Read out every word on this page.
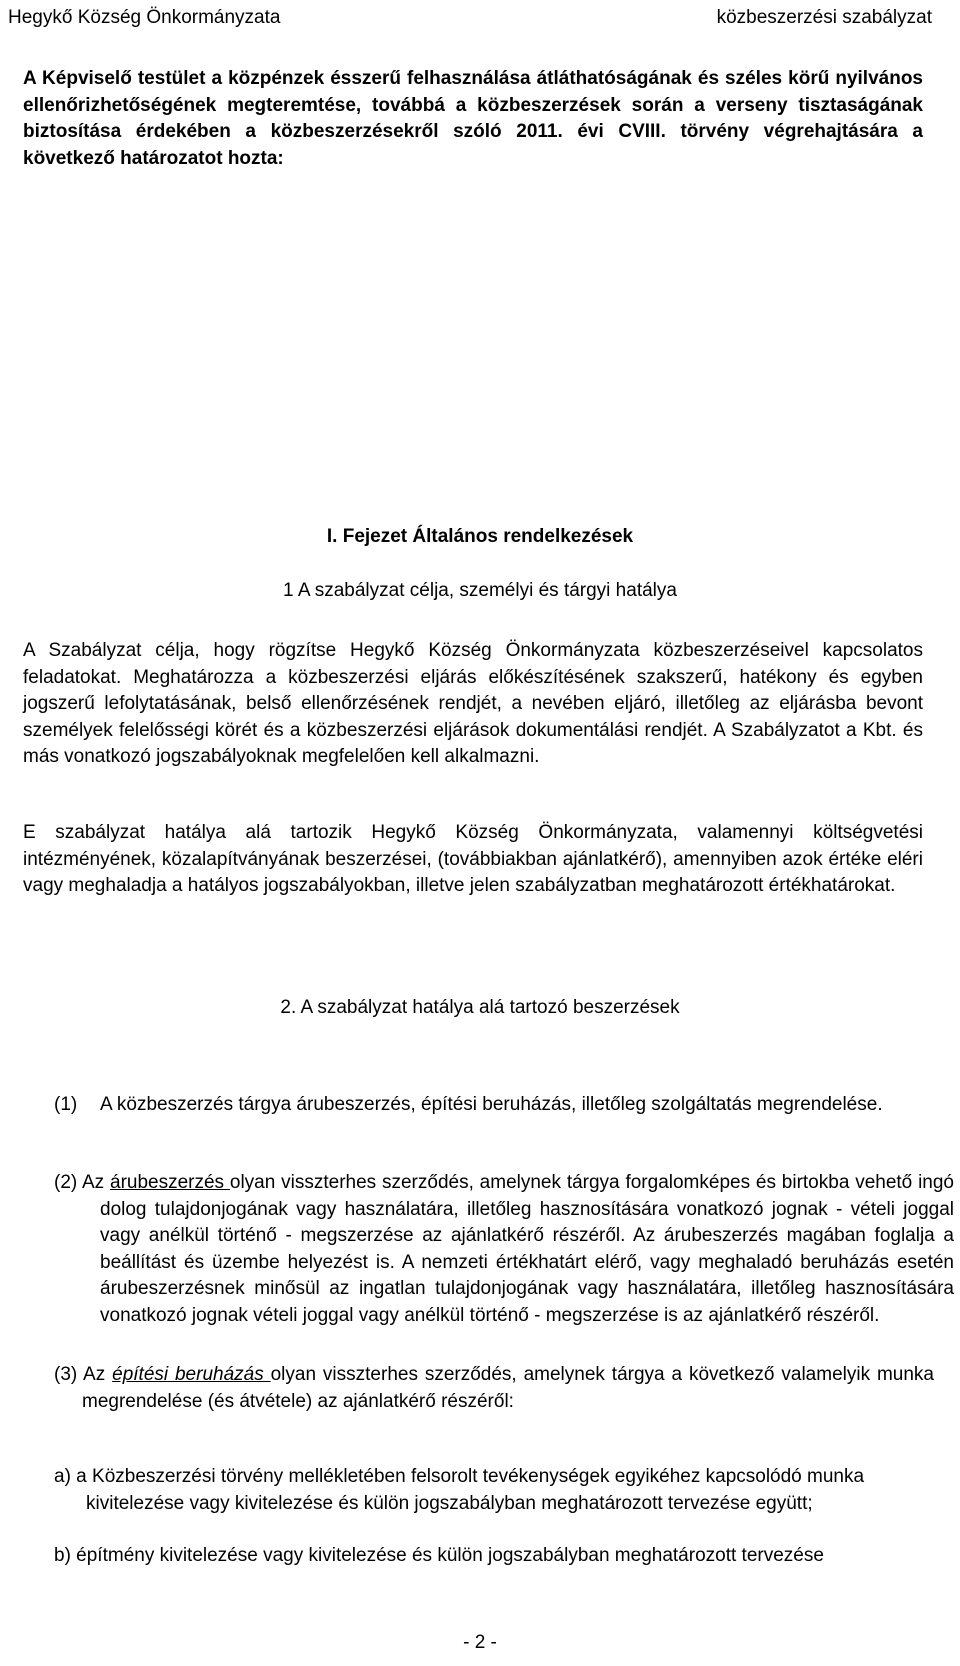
Hegykő Község Önkormányzata	közbeszerzési szabályzat
A Képviselő testület a közpénzek ésszerű felhasználása átláthatóságának és széles körű nyilvános ellenőrizhetőségének megteremtése, továbbá a közbeszerzések során a verseny tisztaságának biztosítása érdekében a közbeszerzésekről szóló 2011. évi CVIII. törvény végrehajtására a következő határozatot hozta:
I. Fejezet Általános rendelkezések
1 A szabályzat célja, személyi és tárgyi hatálya

A Szabályzat célja, hogy rögzítse Hegykő Község Önkormányzata közbeszerzéseivel kapcsolatos feladatokat. Meghatározza a közbeszerzési eljárás előkészítésének szakszerű, hatékony és egyben jogszerű lefolytatásának, belső ellenőrzésének rendjét, a nevében eljáró, illetőleg az eljárásba bevont személyek felelősségi körét és a közbeszerzési eljárások dokumentálási rendjét. A Szabályzatot a Kbt. és más vonatkozó jogszabályoknak megfelelően kell alkalmazni.

E szabályzat hatálya alá tartozik Hegykő Község Önkormányzata, valamennyi költségvetési intézményének, közalapítványának beszerzései, (továbbiakban ajánlatkérő), amennyiben azok értéke eléri vagy meghaladja a hatályos jogszabályokban, illetve jelen szabályzatban meghatározott értékhatárokat.

2. A szabályzat hatálya alá tartozó beszerzések
(1) A közbeszerzés tárgya árubeszerzés, építési beruházás, illetőleg szolgáltatás megrendelése.
(2) Az árubeszerzés olyan visszterhes szerződés, amelynek tárgya forgalomképes és birtokba vehető ingó dolog tulajdonjogának vagy használatára, illetőleg hasznosítására vonatkozó jognak - vételi joggal vagy anélkül történő - megszerzése az ajánlatkérő részéről. Az árubeszerzés magában foglalja a beállítást és üzembe helyezést is. A nemzeti értékhatárt elérő, vagy meghaladó beruházás esetén árubeszerzésnek minősül az ingatlan tulajdonjogának vagy használatára, illetőleg hasznosítására vonatkozó jognak vételi joggal vagy anélkül történő - megszerzése is az ajánlatkérő részéről.
(3) Az építési beruházás olyan visszterhes szerződés, amelynek tárgya a következő valamelyik munka megrendelése (és átvétele) az ajánlatkérő részéről:
a) a Közbeszerzési törvény mellékletében felsorolt tevékenységek egyikéhez kapcsolódó munka kivitelezése vagy kivitelezése és külön jogszabályban meghatározott tervezése együtt;
b) építmény kivitelezése vagy kivitelezése és külön jogszabályban meghatározott tervezése
- 2 -
